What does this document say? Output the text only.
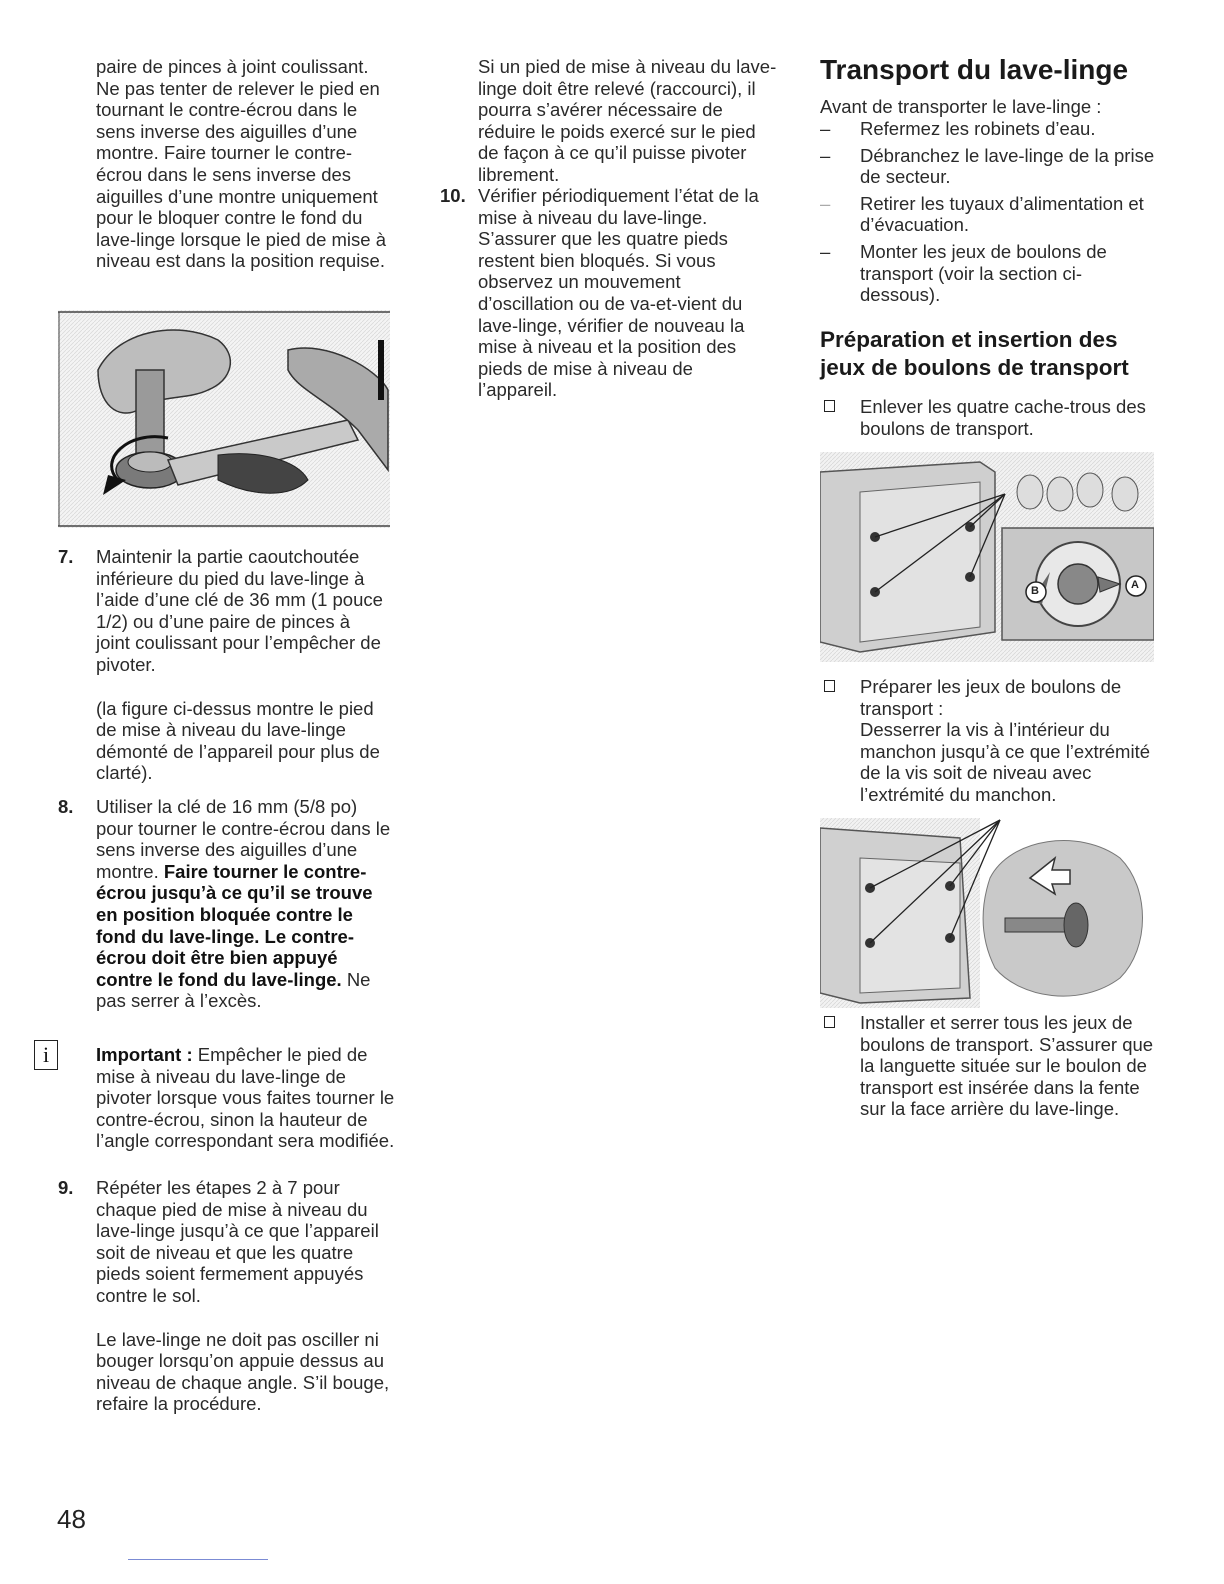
paire de pinces à joint coulissant. Ne pas tenter de relever le pied en tournant le contre-écrou dans le sens inverse des aiguilles d’une montre. Faire tourner le contre-écrou dans le sens inverse des aiguilles d’une montre uniquement pour le bloquer contre le fond du lave-linge lorsque le pied de mise à niveau est dans la position requise.

7. Maintenir la partie caoutchoutée inférieure du pied du lave-linge à l’aide d’une clé de 36 mm (1 pouce 1/2) ou d’une paire de pinces à joint coulissant pour l’empêcher de pivoter.

(la figure ci-dessus montre le pied de mise à niveau du lave-linge démonté de l’appareil pour plus de clarté).

8. Utiliser la clé de 16 mm (5/8 po) pour tourner le contre-écrou dans le sens inverse des aiguilles d’une montre. Faire tourner le contre-écrou jusqu’à ce qu’il se trouve en position bloquée contre le fond du lave-linge. Le contre-écrou doit être bien appuyé contre le fond du lave-linge. Ne pas serrer à l’excès.

i	Important : Empêcher le pied de mise à niveau du lave-linge de pivoter lorsque vous faites tourner le contre-écrou, sinon la hauteur de l’angle correspondant sera modifiée.

9. Répéter les étapes 2 à 7 pour chaque pied de mise à niveau du lave-linge jusqu’à ce que l’appareil soit de niveau et que les quatre pieds soient fermement appuyés contre le sol.

Le lave-linge ne doit pas osciller ni bouger lorsqu’on appuie dessus au niveau de chaque angle. S’il bouge, refaire la procédure.

Si un pied de mise à niveau du lave-linge doit être relevé (raccourci), il pourra s’avérer nécessaire de réduire le poids exercé sur le pied de façon à ce qu’il puisse pivoter librement.

10. Vérifier périodiquement l’état de la mise à niveau du lave-linge. S’assurer que les quatre pieds restent bien bloqués. Si vous observez un mouvement d’oscillation ou de va-et-vient du lave-linge, vérifier de nouveau la mise à niveau et la position des pieds de mise à niveau de l’appareil.

Transport du lave-linge

Avant de transporter le lave-linge :

– Refermez les robinets d’eau.
– Débranchez le lave-linge de la prise de secteur.
– Retirer les tuyaux d’alimentation et d’évacuation.
– Monter les jeux de boulons de transport (voir la section ci-dessous).
Préparation et insertion des jeux de boulons de transport
Enlever les quatre cache-trous des boulons de transport.
B	A
Préparer les jeux de boulons de transport :
Desserrer la vis à l’intérieur du manchon jusqu’à ce que l’extrémité de la vis soit de niveau avec l’extrémité du manchon.
Installer et serrer tous les jeux de boulons de transport. S’assurer que la languette située sur le boulon de transport est insérée dans la fente sur la face arrière du lave-linge.
48
